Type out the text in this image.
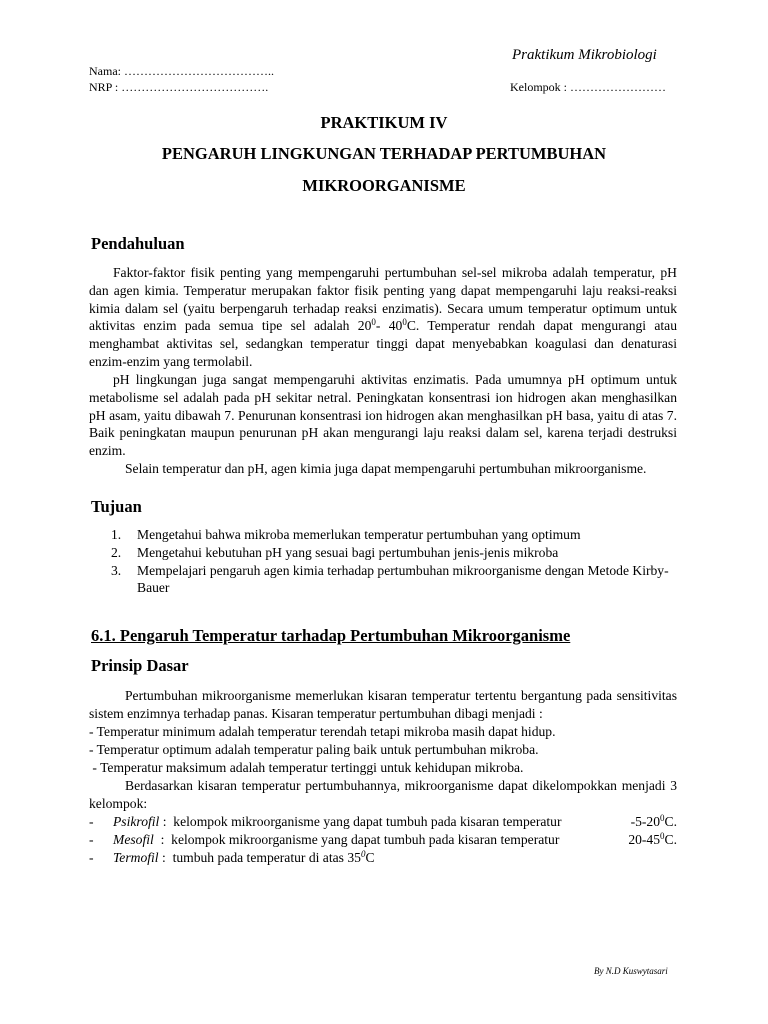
Praktikum Mikrobiologi
Nama: ………………………………..
NRP : ……………………………….	Kelompok : ……………………
PRAKTIKUM IV
PENGARUH LINGKUNGAN TERHADAP PERTUMBUHAN
MIKROORGANISME
Pendahuluan

Faktor-faktor fisik penting yang mempengaruhi pertumbuhan sel-sel mikroba adalah temperatur, pH dan agen kimia. Temperatur merupakan faktor fisik penting yang dapat mempengaruhi laju reaksi-reaksi kimia dalam sel (yaitu berpengaruh terhadap reaksi enzimatis). Secara umum temperatur optimum untuk aktivitas enzim pada semua tipe sel adalah $20^0-$ $40^0C$. Temperatur rendah dapat mengurangi atau menghambat aktivitas sel, sedangkan temperatur tinggi dapat menyebabkan koagulasi dan denaturasi enzim-enzim yang termolabil.

pH lingkungan juga sangat mempengaruhi aktivitas enzimatis. Pada umumnya pH optimum untuk metabolisme sel adalah pada pH sekitar netral. Peningkatan konsentrasi ion hidrogen akan menghasilkan pH asam, yaitu dibawah 7. Penurunan konsentrasi ion hidrogen akan menghasilkan pH basa, yaitu di atas 7. Baik peningkatan maupun penurunan pH akan mengurangi laju reaksi dalam sel, karena terjadi destruksi enzim.

Selain temperatur dan pH, agen kimia juga dapat mempengaruhi pertumbuhan mikroorganisme.

Tujuan
1.	Mengetahui bahwa mikroba memerlukan temperatur pertumbuhan yang optimum
2.	Mengetahui kebutuhan pH yang sesuai bagi pertumbuhan jenis-jenis mikroba
3.	Mempelajari pengaruh agen kimia terhadap pertumbuhan mikroorganisme dengan Metode Kirby-Bauer
6.1. Pengaruh Temperatur tarhadap Pertumbuhan Mikroorganisme
Prinsip Dasar

Pertumbuhan mikroorganisme memerlukan kisaran temperatur tertentu bergantung pada sensitivitas sistem enzimnya terhadap panas. Kisaran temperatur pertumbuhan dibagi menjadi :

- Temperatur minimum adalah temperatur terendah tetapi mikroba masih dapat hidup.
- Temperatur optimum adalah temperatur paling baik untuk pertumbuhan mikroba.
- Temperatur maksimum adalah temperatur tertinggi untuk kehidupan mikroba.

Berdasarkan kisaran temperatur pertumbuhannya, mikroorganisme dapat dikelompokkan menjadi 3 kelompok:

- Psikrofil :  kelompok mikroorganisme yang dapat tumbuh pada kisaran temperatur	$-5-20^0C$.
- Mesofil  :  kelompok mikroorganisme yang dapat tumbuh pada kisaran temperatur	$20-45^0C$.
- Termofil :  tumbuh pada temperatur di atas $35^0C$
By N.D Kuswytasari
